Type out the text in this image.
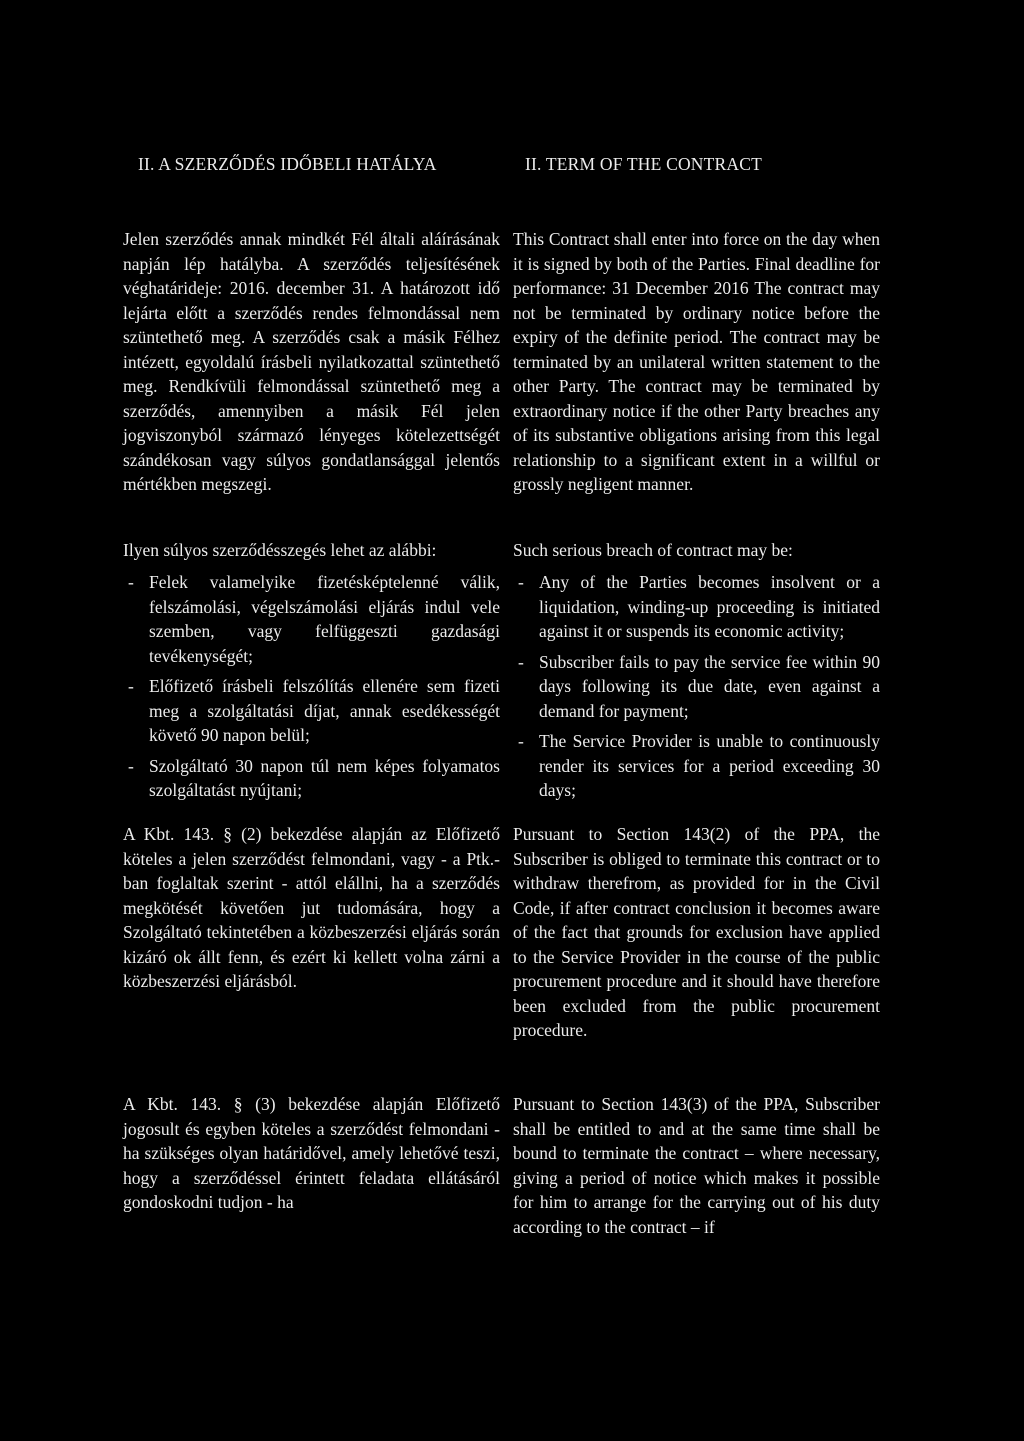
II. A SZERZŐDÉS IDŐBELI HATÁLYA

Jelen szerződés annak mindkét Fél általi aláírásának napján lép hatályba. A szerződés teljesítésének véghatárideje: 2016. december 31. A határozott idő lejárta előtt a szerződés rendes felmondással nem szüntethető meg. A szerződés csak a másik Félhez intézett, egyoldalú írásbeli nyilatkozattal szüntethető meg. Rendkívüli felmondással szüntethető meg a szerződés, amennyiben a másik Fél jelen jogviszonyból származó lényeges kötelezettségét szándékosan vagy súlyos gondatlansággal jelentős mértékben megszegi.

Ilyen súlyos szerződésszegés lehet az alábbi:
- Felek valamelyike fizetésképtelenné válik, felszámolási, végelszámolási eljárás indul vele szemben, vagy felfüggeszti gazdasági tevékenységét;
- Előfizető írásbeli felszólítás ellenére sem fizeti meg a szolgáltatási díjat, annak esedékességét követő 90 napon belül;
- Szolgáltató 30 napon túl nem képes folyamatos szolgáltatást nyújtani;

A Kbt. 143. § (2) bekezdése alapján az Előfizető köteles a jelen szerződést felmondani, vagy - a Ptk.-ban foglaltak szerint - attól elállni, ha a szerződés megkötését követően jut tudomására, hogy a Szolgáltató tekintetében a közbeszerzési eljárás során kizáró ok állt fenn, és ezért ki kellett volna zárni a közbeszerzési eljárásból.

A Kbt. 143. § (3) bekezdése alapján Előfizető jogosult és egyben köteles a szerződést felmondani - ha szükséges olyan határidővel, amely lehetővé teszi, hogy a szerződéssel érintett feladata ellátásáról gondoskodni tudjon - ha

II. TERM OF THE CONTRACT

This Contract shall enter into force on the day when it is signed by both of the Parties. Final deadline for performance: 31 December 2016 The contract may not be terminated by ordinary notice before the expiry of the definite period. The contract may be terminated by an unilateral written statement to the other Party. The contract may be terminated by extraordinary notice if the other Party breaches any of its substantive obligations arising from this legal relationship to a significant extent in a willful or grossly negligent manner.

Such serious breach of contract may be:
- Any of the Parties becomes insolvent or a liquidation, winding-up proceeding is initiated against it or suspends its economic activity;
- Subscriber fails to pay the service fee within 90 days following its due date, even against a demand for payment;
- The Service Provider is unable to continuously render its services for a period exceeding 30 days;

Pursuant to Section 143(2) of the PPA, the Subscriber is obliged to terminate this contract or to withdraw therefrom, as provided for in the Civil Code, if after contract conclusion it becomes aware of the fact that grounds for exclusion have applied to the Service Provider in the course of the public procurement procedure and it should have therefore been excluded from the public procurement procedure.

Pursuant to Section 143(3) of the PPA, Subscriber shall be entitled to and at the same time shall be bound to terminate the contract – where necessary, giving a period of notice which makes it possible for him to arrange for the carrying out of his duty according to the contract – if
